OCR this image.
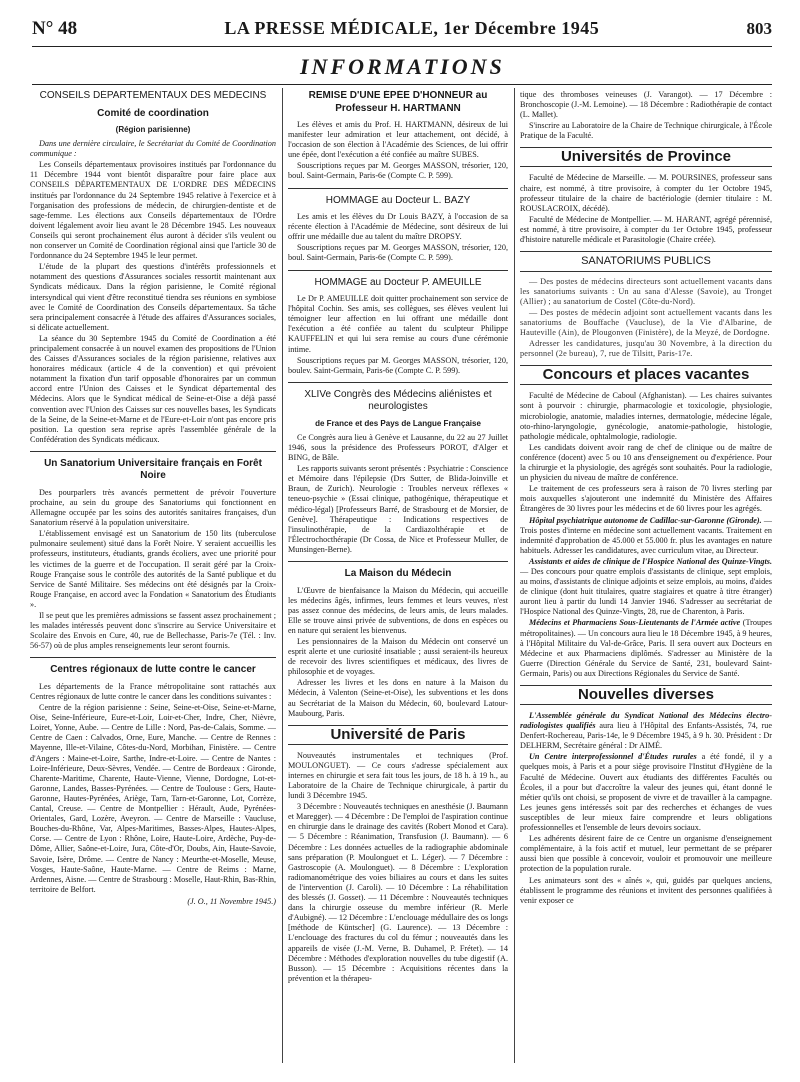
N° 48	LA PRESSE MÉDICALE, 1er Décembre 1945	803
INFORMATIONS
CONSEILS DÉPARTEMENTAUX DES MÉDECINS
Comité de coordination
(Région parisienne)

Dans une dernière circulaire, le Secrétariat du Comité de Coordination communique :

Les Conseils départementaux provisoires institués par l'ordonnance du 11 Décembre 1944 vont bientôt disparaître pour faire place aux CONSEILS DÉPARTEMENTAUX DE L'ORDRE DES MÉDECINS institués par l'ordonnance du 24 Septembre 1945 relative à l'exercice et à l'organisation des professions de médecin, de chirurgien-dentiste et de sage-femme. Les élections aux Conseils départementaux de l'Ordre doivent légalement avoir lieu avant le 28 Décembre 1945. Les nouveaux Conseils qui seront prochainement élus auront à décider s'ils veulent ou non conserver un Comité de Coordination régional ainsi que l'article 30 de l'ordonnance du 24 Septembre 1945 le leur permet.

L'étude de la plupart des questions d'intérêts professionnels et notamment des questions d'Assurances sociales ressortit maintenant aux Syndicats médicaux. Dans la région parisienne, le Comité régional intersyndical qui vient d'être reconstitué tiendra ses réunions en symbiose avec le Comité de Coordination des Conseils départementaux. Sa tâche sera principalement consacrée à l'étude des affaires d'Assurances sociales, si délicate actuellement.

La séance du 30 Septembre 1945 du Comité de Coordination a été principalement consacrée à un nouvel examen des propositions de l'Union des Caisses d'Assurances sociales de la région parisienne, relatives aux honoraires médicaux (article 4 de la convention) et qui prévoient notamment la fixation d'un tarif opposable d'honoraires par un commun accord entre l'Union des Caisses et le Syndicat départemental des Médecins. Alors que le Syndicat médical de Seine-et-Oise a déjà passé convention avec l'Union des Caisses sur ces nouvelles bases, les Syndicats de la Seine, de la Seine-et-Marne et de l'Eure-et-Loir n'ont pas encore pris position. La question sera reprise après l'assemblée générale de la Confédération des Syndicats médicaux.

Un Sanatorium Universitaire français en Forêt Noire

Des pourparlers très avancés permettent de prévoir l'ouverture prochaine, au sein du groupe des Sanatoriums qui fonctionnent en Allemagne occupée par les soins des autorités sanitaires françaises, d'un Sanatorium réservé à la population universitaire.

L'établissement envisagé est un Sanatorium de 150 lits (tuberculose pulmonaire seulement) situé dans la Forêt Noire. Y seraient accueillis les professeurs, instituteurs, étudiants, grands écoliers, avec une priorité pour les victimes de la guerre et de l'occupation. Il serait géré par la Croix-Rouge Française sous le contrôle des autorités de la Santé publique et du Service de Santé Militaire. Ses médecins ont été désignés par la Croix-Rouge Française, en accord avec la Fondation « Sanatorium des Étudiants ».

Il se peut que les premières admissions se fassent assez prochainement ; les malades intéressés peuvent donc s'inscrire au Service Universitaire et Scolaire des Envois en Cure, 40, rue de Bellechasse, Paris-7e (Tél. : Inv. 56-57) où de plus amples renseignements leur seront fournis.

Centres régionaux de lutte contre le cancer

Les départements de la France métropolitaine sont rattachés aux Centres régionaux de lutte contre le cancer dans les conditions suivantes :

Centre de la région parisienne : Seine, Seine-et-Oise, Seine-et-Marne, Oise, Seine-Inférieure, Eure-et-Loir, Loir-et-Cher, Indre, Cher, Nièvre, Loiret, Yonne, Aube. — Centre de Lille : Nord, Pas-de-Calais, Somme. — Centre de Caen : Calvados, Orne, Eure, Manche. — Centre de Rennes : Mayenne, Ille-et-Vilaine, Côtes-du-Nord, Morbihan, Finistère. — Centre d'Angers : Maine-et-Loire, Sarthe, Indre-et-Loire. — Centre de Nantes : Loire-Inférieure, Deux-Sèvres, Vendée. — Centre de Bordeaux : Gironde, Charente-Maritime, Charente, Haute-Vienne, Vienne, Dordogne, Lot-et-Garonne, Landes, Basses-Pyrénées. — Centre de Toulouse : Gers, Haute-Garonne, Hautes-Pyrénées, Ariège, Tarn, Tarn-et-Garonne, Lot, Corrèze, Cantal, Creuse. — Centre de Montpellier : Hérault, Aude, Pyrénées-Orientales, Gard, Lozère, Aveyron. — Centre de Marseille : Vaucluse, Bouches-du-Rhône, Var, Alpes-Maritimes, Basses-Alpes, Hautes-Alpes, Corse. — Centre de Lyon : Rhône, Loire, Haute-Loire, Ardèche, Puy-de-Dôme, Allier, Saône-et-Loire, Jura, Côte-d'Or, Doubs, Ain, Haute-Savoie, Savoie, Isère, Drôme. — Centre de Nancy : Meurthe-et-Moselle, Meuse, Vosges, Haute-Saône, Haute-Marne. — Centre de Reims : Marne, Ardennes, Aisne. — Centre de Strasbourg : Moselle, Haut-Rhin, Bas-Rhin, territoire de Belfort.

(J. O., 11 Novembre 1945.)
REMISE D'UNE ÉPÉE D'HONNEUR au Professeur H. HARTMANN

Les élèves et amis du Prof. H. HARTMANN, désireux de lui manifester leur admiration et leur attachement, ont décidé, à l'occasion de son élection à l'Académie des Sciences, de lui offrir une épée, dont l'exécution a été confiée au maître SUBES.

Souscriptions reçues par M. Georges MASSON, trésorier, 120, boul. Saint-Germain, Paris-6e (Compte C. P. 599).

HOMMAGE au Docteur L. BAZY

Les amis et les élèves du Dr Louis BAZY, à l'occasion de sa récente élection à l'Académie de Médecine, sont désireux de lui offrir une médaille due au talent du maître DROPSY.

Souscriptions reçues par M. Georges MASSON, trésorier, 120, boul. Saint-Germain, Paris-6e (Compte C. P. 599).

HOMMAGE au Docteur P. AMEUILLE

Le Dr P. AMEUILLE doit quitter prochainement son service de l'hôpital Cochin. Ses amis, ses collègues, ses élèves veulent lui témoigner leur affection en lui offrant une médaille dont l'exécution a été confiée au talent du sculpteur Philippe KAUFFELIN et qui lui sera remise au cours d'une cérémonie intime.

Souscriptions reçues par M. Georges MASSON, trésorier, 120, boulev. Saint-Germain, Paris-6e (Compte C. P. 599).

XLIVe Congrès des Médecins aliénistes et neurologistes
de France et des Pays de Langue Française

Ce Congrès aura lieu à Genève et Lausanne, du 22 au 27 Juillet 1946, sous la présidence des Professeurs POROT, d'Alger et BING, de Bâle.

Les rapports suivants seront présentés : Psychiatrie : Conscience et Mémoire dans l'épilepsie (Drs Sutter, de Blida-Joinville et Braun, de Zurich). Neurologie : Troubles nerveux réflexes « teneuo-psychie » (Essai clinique, pathogénique, thérapeutique et médico-légal) [Professeurs Barré, de Strasbourg et de Morsier, de Genève]. Thérapeutique : Indications respectives de l'insulinothérapie, de la Cardiazolthérapie et de l'Électrochocthérapie (Dr Cossa, de Nice et Professeur Muller, de Munsingen-Berne).

La Maison du Médecin

L'Œuvre de bienfaisance la Maison du Médecin, qui accueille les médecins âgés, infirmes, leurs femmes et leurs veuves, n'est pas assez connue des médecins, de leurs amis, de leurs malades. Elle se trouve ainsi privée de subventions, de dons en espèces ou en nature qui seraient les bienvenus.

Les pensionnaires de la Maison du Médecin ont conservé un esprit alerte et une curiosité insatiable ; aussi seraient-ils heureux de recevoir des livres scientifiques et médicaux, des livres de philosophie et de voyages.

Adresser les livres et les dons en nature à la Maison du Médecin, à Valenton (Seine-et-Oise), les subventions et les dons au Secrétariat de la Maison du Médecin, 60, boulevard Latour-Maubourg, Paris.

Université de Paris

Nouveautés instrumentales et techniques (Prof. MOULONGUET). — Ce cours s'adresse spécialement aux internes en chirurgie et sera fait tous les jours, de 18 h. à 19 h., au Laboratoire de la Chaire de Technique chirurgicale, à partir du lundi 3 Décembre 1945.

3 Décembre : Nouveautés techniques en anesthésie (J. Baumann et Maregger). — 4 Décembre : De l'emploi de l'aspiration continue en chirurgie dans le drainage des cavités (Robert Monod et Cara). — 5 Décembre : Réanimation, Transfusion (J. Baumann). — 6 Décembre : Les données actuelles de la radiographie abdominale sans préparation (P. Moulonguet et L. Léger). — 7 Décembre : Gastroscopie (A. Moulonguet). — 8 Décembre : L'exploration radiomanométrique des voies biliaires au cours et dans les suites de l'intervention (J. Caroli). — 10 Décembre : La réhabilitation des blessés (J. Gosset). — 11 Décembre : Nouveautés techniques dans la chirurgie osseuse du membre inférieur (R. Merle d'Aubigné). — 12 Décembre : L'enclouage médullaire des os longs [méthode de Küntscher] (G. Laurence). — 13 Décembre : L'enclouage des fractures du col du fémur ; nouveautés dans les appareils de visée (J.-M. Verne, B. Duhamel, P. Frétet). — 14 Décembre : Méthodes d'exploration nouvelles du tube digestif (A. Busson). — 15 Décembre : Acquisitions récentes dans la prévention et la thérapeu-

tique des thromboses veineuses (J. Varangot). — 17 Décembre : Bronchoscopie (J.-M. Lemoine). — 18 Décembre : Radiothérapie de contact (L. Mallet).

S'inscrire au Laboratoire de la Chaire de Technique chirurgicale, à l'École Pratique de la Faculté.

Universités de Province

Faculté de Médecine de Marseille. — M. POURSINES, professeur sans chaire, est nommé, à titre provisoire, à compter du 1er Octobre 1945, professeur titulaire de la chaire de bactériologie (dernier titulaire : M. ROUSLACROIX, décédé).

Faculté de Médecine de Montpellier. — M. HARANT, agrégé pérennisé, est nommé, à titre provisoire, à compter du 1er Octobre 1945, professeur d'histoire naturelle médicale et Parasitologie (Chaire créée).

SANATORIUMS PUBLICS

— Des postes de médecins directeurs sont actuellement vacants dans les sanatoriums suivants : Un au sana d'Alesse (Savoie), au Tronget (Allier) ; au sanatorium de Costel (Côte-du-Nord).

— Des postes de médecin adjoint sont actuellement vacants dans les sanatoriums de Bouffache (Vaucluse), de la Vie d'Albarine, de Hauteville (Ain), de Plougonven (Finistère), de la Meyzé, de Dordogne.

Adresser les candidatures, jusqu'au 30 Novembre, à la direction du personnel (2e bureau), 7, rue de Tilsitt, Paris-17e.

Concours et places vacantes

Faculté de Médecine de Caboul (Afghanistan). — Les chaires suivantes sont à pourvoir : chirurgie, pharmacologie et toxicologie, physiologie, microbiologie, anatomie, maladies internes, dermatologie, médecine légale, oto-rhino-laryngologie, gynécologie, anatomie-pathologie, histologie, pathologie médicale, ophtalmologie, radiologie.

Les candidats doivent avoir rang de chef de clinique ou de maître de conférence (docent) avec 5 ou 10 ans d'enseignement ou d'expérience. Pour la chirurgie et la physiologie, des agrégés sont souhaités. Pour la radiologie, un physicien du niveau de maître de conférence.

Le traitement de ces professeurs sera à raison de 70 livres sterling par mois auxquelles s'ajouteront une indemnité du Ministère des Affaires Étrangères de 30 livres pour les médecins et de 60 livres pour les agrégés.

Hôpital psychiatrique autonome de Cadillac-sur-Garonne (Gironde). — Trois postes d'interne en médecine sont actuellement vacants. Traitement en indemnité d'approbation de 45.000 et 55.000 fr. plus les avantages en nature habituels. Adresser les candidatures, avec curriculum vitae, au Directeur.

Assistants et aides de clinique de l'Hospice National des Quinze-Vingts. — Des concours pour quatre emplois d'assistants de clinique, sept emplois, au moins, d'assistants de clinique adjoints et seize emplois, au moins, d'aides de clinique (dont huit titulaires, quatre stagiaires et quatre à titre étranger) auront lieu à partir du lundi 14 Janvier 1946. S'adresser au secrétariat de l'Hospice National des Quinze-Vingts, 28, rue de Charenton, à Paris.

Médecins et Pharmaciens Sous-Lieutenants de l'Armée active (Troupes métropolitaines). — Un concours aura lieu le 18 Décembre 1945, à 9 heures, à l'Hôpital Militaire du Val-de-Grâce, Paris. Il sera ouvert aux Docteurs en Médecine et aux Pharmaciens diplômés. S'adresser au Ministère de la Guerre (Direction Générale du Service de Santé, 231, boulevard Saint-Germain, Paris) ou aux Directions Régionales du Service de Santé.

Nouvelles diverses

L'Assemblée générale du Syndicat National des Médecins électro-radiologistes qualifiés aura lieu à l'Hôpital des Enfants-Assistés, 74, rue Denfert-Rochereau, Paris-14e, le 9 Décembre 1945, à 9 h. 30. Président : Dr DELHERM, Secrétaire général : Dr AIMÉ.

Un Centre interprofessionnel d'Études rurales a été fondé, il y a quelques mois, à Paris et a pour siège provisoire l'Institut d'Hygiène de la Faculté de Médecine. Ouvert aux étudiants des différentes Facultés ou Écoles, il a pour but d'accroître la valeur des jeunes qui, étant donné le métier qu'ils ont choisi, se proposent de vivre et de travailler à la campagne. Les jeunes gens intéressés soit par des recherches et échanges de vues susceptibles de leur mieux faire comprendre et leurs obligations professionnelles et l'ensemble de leurs devoirs sociaux.

Les adhérents désirent faire de ce Centre un organisme d'enseignement complémentaire, à la fois actif et mutuel, leur permettant de se préparer aussi bien que possible à concevoir, vouloir et promouvoir une meilleure protection de la population rurale.

Les animateurs sont des « aînés », qui, guidés par quelques anciens, établissent le programme des réunions et invitent des personnes qualifiées à venir exposer ce
